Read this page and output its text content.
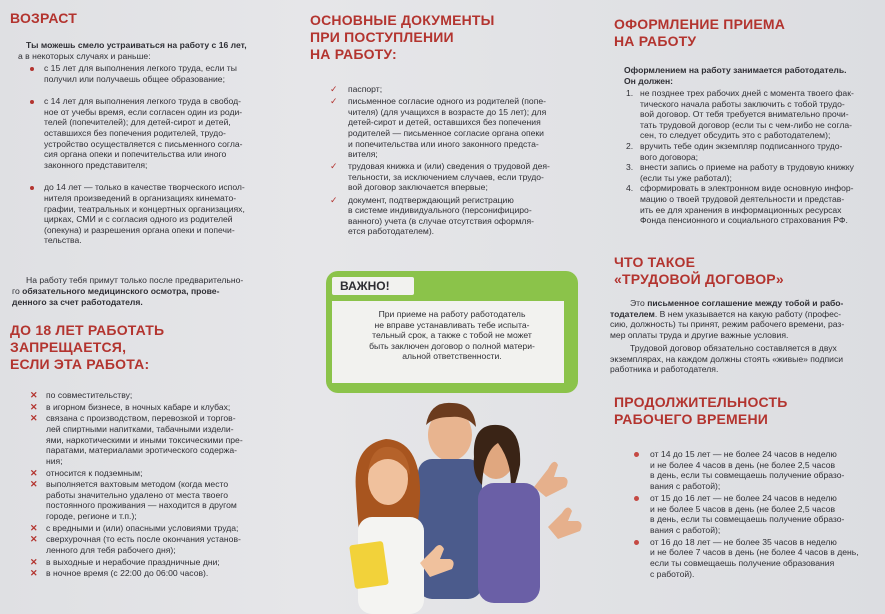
ВОЗРАСТ
Ты можешь смело устраиваться на работу с 16 лет,
а в некоторых случаях и раньше:
с 15 лет для выполнения легкого труда, если ты
получил или получаешь общее образование;
с 14 лет для выполнения легкого труда в свобод-
ное от учебы время, если согласен один из роди-
телей (попечителей); для детей-сирот и детей,
оставшихся без попечения родителей, трудо-
устройство осуществляется с письменного согла-
сия органа опеки и попечительства или иного
законного представителя;
до 14 лет — только в качестве творческого испол-
нителя произведений в организациях кинемато-
графии, театральных и концертных организациях,
цирках, СМИ и с согласия одного из родителей
(опекуна) и разрешения органа опеки и попечи-
тельства.
На работу тебя примут только после предварительно-
го обязательного медицинского осмотра, прове-
денного за счет работодателя.
ДО 18 ЛЕТ РАБОТАТЬ
ЗАПРЕЩАЕТСЯ,
ЕСЛИ ЭТА РАБОТА:
✕ по совместительству;
✕ в игорном бизнесе, в ночных кабаре и клубах;
✕ связана с производством, перевозкой и торгов-
лей спиртными напитками, табачными издели-
ями, наркотическими и иными токсическими пре-
паратами, материалами эротического содержа-
ния;
✕ относится к подземным;
✕ выполняется вахтовым методом (когда место
работы значительно удалено от места твоего
постоянного проживания — находится в другом
городе, регионе и т.п.);
✕ с вредными и (или) опасными условиями труда;
✕ сверхурочная (то есть после окончания установ-
ленного для тебя рабочего дня);
✕ в выходные и нерабочие праздничные дни;
✕ в ночное время (с 22:00 до 06:00 часов).
ОСНОВНЫЕ ДОКУМЕНТЫ
ПРИ ПОСТУПЛЕНИИ
НА РАБОТУ:
✓ паспорт;
✓ письменное согласие одного из родителей (попе-
чителя) (для учащихся в возрасте до 15 лет); для
детей-сирот и детей, оставшихся без попечения
родителей — письменное согласие органа опеки
и попечительства или иного законного предста-
вителя;
✓ трудовая книжка и (или) сведения о трудовой дея-
тельности, за исключением случаев, если трудо-
вой договор заключается впервые;
✓ документ, подтверждающий регистрацию
в системе индивидуального (персонифициро-
ванного) учета (в случае отсутствия оформля-
ется работодателем).
ВАЖНО!
При приеме на работу работодатель
не вправе устанавливать тебе испыта-
тельный срок, а также с тобой не может
быть заключен договор о полной матери-
альной ответственности.
ОФОРМЛЕНИЕ ПРИЕМА
НА РАБОТУ
Оформлением на работу занимается работодатель.
Он должен:
1. не позднее трех рабочих дней с момента твоего фак-
тического начала работы заключить с тобой трудо-
вой договор. От тебя требуется внимательно прочи-
тать трудовой договор (если ты с чем-либо не согла-
сен, то следует обсудить это с работодателем);
2. вручить тебе один экземпляр подписанного трудо-
вого договора;
3. внести запись о приеме на работу в трудовую книжку
(если ты уже работал);
4. сформировать в электронном виде основную инфор-
мацию о твоей трудовой деятельности и представ-
ить ее для хранения в информационных ресурсах
Фонда пенсионного и социального страхования РФ.
ЧТО ТАКОЕ
«ТРУДОВОЙ ДОГОВОР»
Это письменное соглашение между тобой и рабо-
тодателем. В нем указывается на какую работу (профес-
сию, должность) ты принят, режим рабочего времени, раз-
мер оплаты труда и другие важные условия.
Трудовой договор обязательно составляется в двух
экземплярах, на каждом должны стоять «живые» подписи
работника и работодателя.
ПРОДОЛЖИТЕЛЬНОСТЬ
РАБОЧЕГО ВРЕМЕНИ
от 14 до 15 лет — не более 24 часов в неделю
и не более 4 часов в день (не более 2,5 часов
в день, если ты совмещаешь получение образо-
вания с работой);
от 15 до 16 лет — не более 24 часов в неделю
и не более 5 часов в день (не более 2,5 часов
в день, если ты совмещаешь получение образо-
вания с работой);
от 16 до 18 лет — не более 35 часов в неделю
и не более 7 часов в день (не более 4 часов в день,
если ты совмещаешь получение образования
с работой).
